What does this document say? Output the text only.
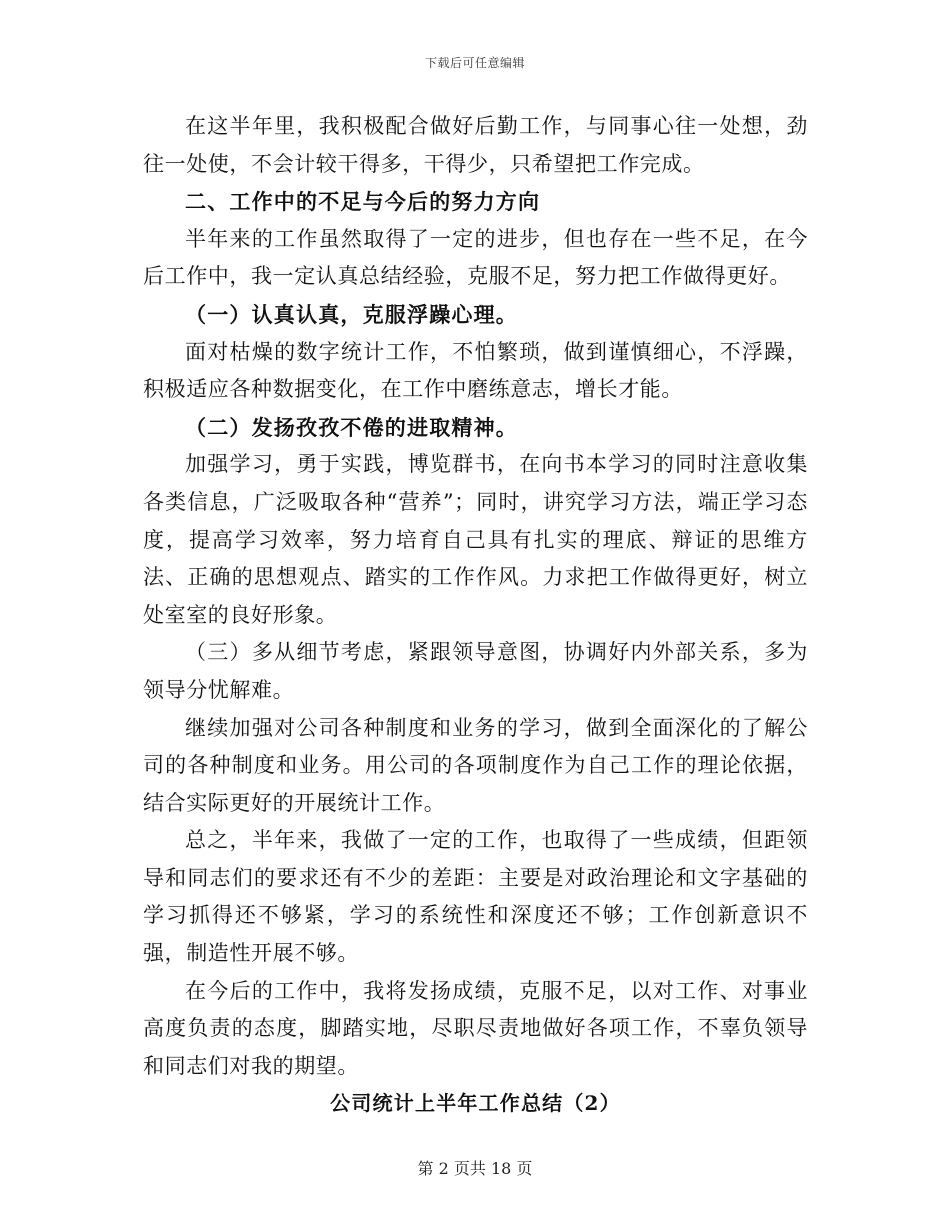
下载后可任意编辑

在这半年里，我积极配合做好后勤工作，与同事心往一处想，劲往一处使，不会计较干得多，干得少，只希望把工作完成。

二、工作中的不足与今后的努力方向

半年来的工作虽然取得了一定的进步，但也存在一些不足，在今后工作中，我一定认真总结经验，克服不足，努力把工作做得更好。

（一）认真认真，克服浮躁心理。

面对枯燥的数字统计工作，不怕繁琐，做到谨慎细心，不浮躁，积极适应各种数据变化，在工作中磨练意志，增长才能。

（二）发扬孜孜不倦的进取精神。

加强学习，勇于实践，博览群书，在向书本学习的同时注意收集各类信息，广泛吸取各种“营养”；同时，讲究学习方法，端正学习态度，提高学习效率，努力培育自己具有扎实的理底、辩证的思维方法、正确的思想观点、踏实的工作作风。力求把工作做得更好，树立处室室的良好形象。

（三）多从细节考虑，紧跟领导意图，协调好内外部关系，多为领导分忧解难。

继续加强对公司各种制度和业务的学习，做到全面深化的了解公司的各种制度和业务。用公司的各项制度作为自己工作的理论依据，结合实际更好的开展统计工作。

总之，半年来，我做了一定的工作，也取得了一些成绩，但距领导和同志们的要求还有不少的差距：主要是对政治理论和文字基础的学习抓得还不够紧，学习的系统性和深度还不够；工作创新意识不强，制造性开展不够。

在今后的工作中，我将发扬成绩，克服不足，以对工作、对事业高度负责的态度，脚踏实地，尽职尽责地做好各项工作，不辜负领导和同志们对我的期望。

公司统计上半年工作总结（2）

第 2 页共 18 页
